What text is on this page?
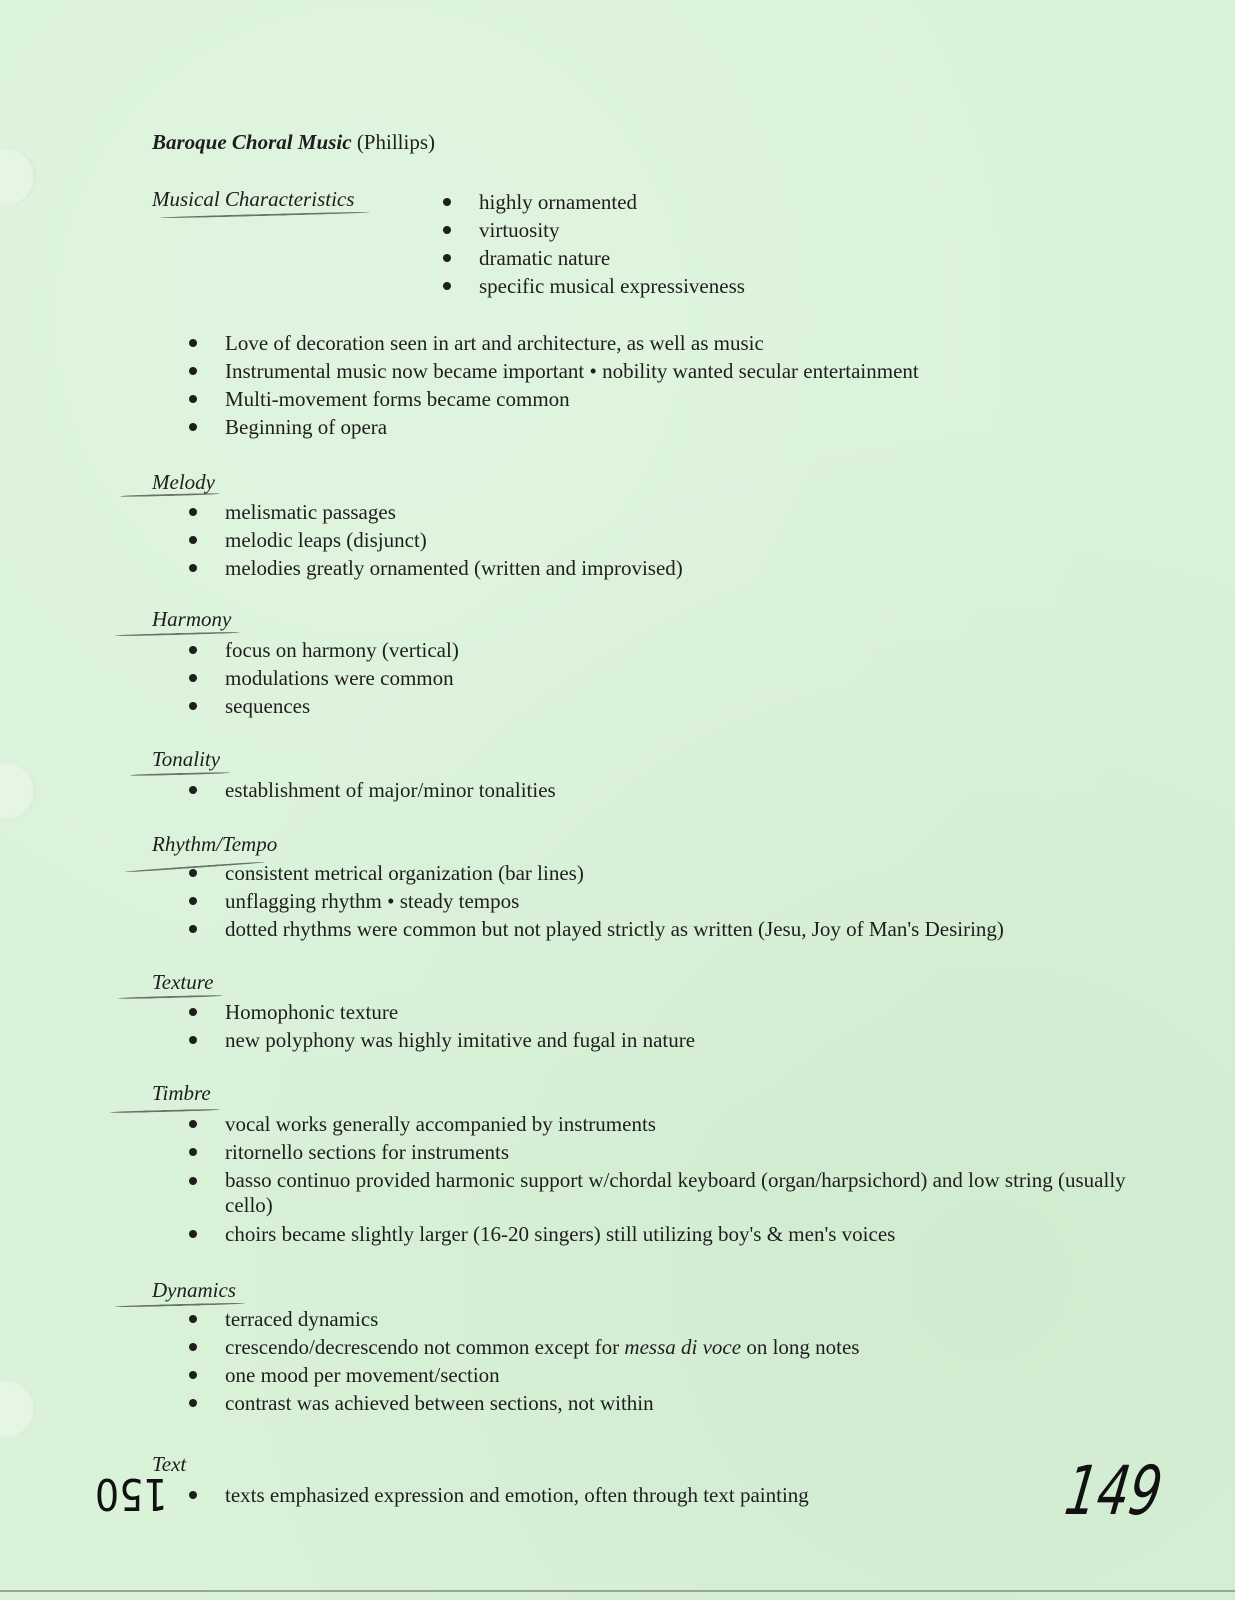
Baroque Choral Music (Phillips)
Musical Characteristics	highly ornamented
virtuosity
dramatic nature
specific musical expressiveness
Love of decoration seen in art and architecture, as well as music
Instrumental music now became important • nobility wanted secular entertainment
Multi-movement forms became common
Beginning of opera
Melody
melismatic passages
melodic leaps (disjunct)
melodies greatly ornamented (written and improvised)
Harmony
focus on harmony (vertical)
modulations were common
sequences
Tonality
establishment of major/minor tonalities
Rhythm/Tempo
consistent metrical organization (bar lines)
unflagging rhythm • steady tempos
dotted rhythms were common but not played strictly as written (Jesu, Joy of Man's Desiring)
Texture
Homophonic texture
new polyphony was highly imitative and fugal in nature
Timbre
vocal works generally accompanied by instruments
ritornello sections for instruments
basso continuo provided harmonic support w/chordal keyboard (organ/harpsichord) and low string (usually cello)
choirs became slightly larger (16-20 singers) still utilizing boy's & men's voices
Dynamics
terraced dynamics
crescendo/decrescendo not common except for messa di voce on long notes
one mood per movement/section
contrast was achieved between sections, not within
Text
texts emphasized expression and emotion, often through text painting
150	149
